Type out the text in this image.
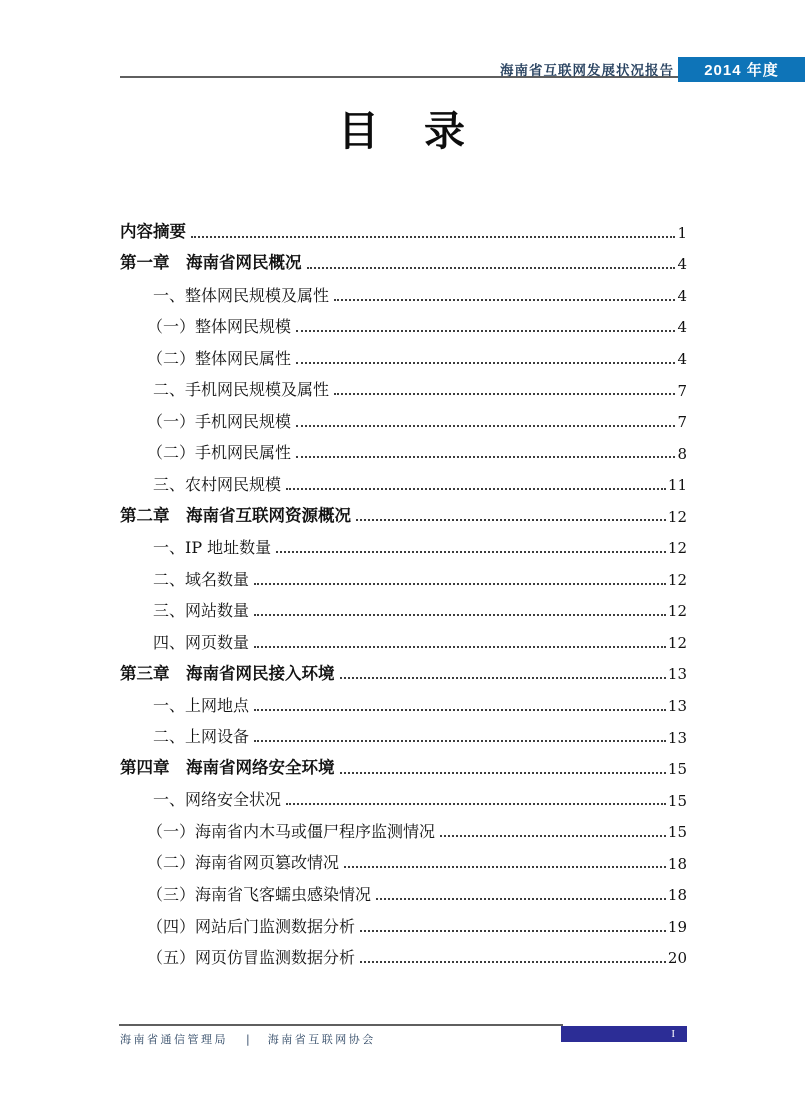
海南省互联网发展状况报告	2014 年度
目　录
内容摘要	1
第一章　海南省网民概况	4
一、整体网民规模及属性	4
（一）整体网民规模	4
（二）整体网民属性	4
二、手机网民规模及属性	7
（一）手机网民规模	7
（二）手机网民属性	8
三、农村网民规模	11
第二章　海南省互联网资源概况	12
一、IP 地址数量	12
二、域名数量	12
三、网站数量	12
四、网页数量	12
第三章　海南省网民接入环境	13
一、上网地点	13
二、上网设备	13
第四章　海南省网络安全环境	15
一、网络安全状况	15
（一）海南省内木马或僵尸程序监测情况	15
（二）海南省网页篡改情况	18
（三）海南省飞客蠕虫感染情况	18
（四）网站后门监测数据分析	19
（五）网页仿冒监测数据分析	20
海南省通信管理局 | 海南省互联网协会	I
